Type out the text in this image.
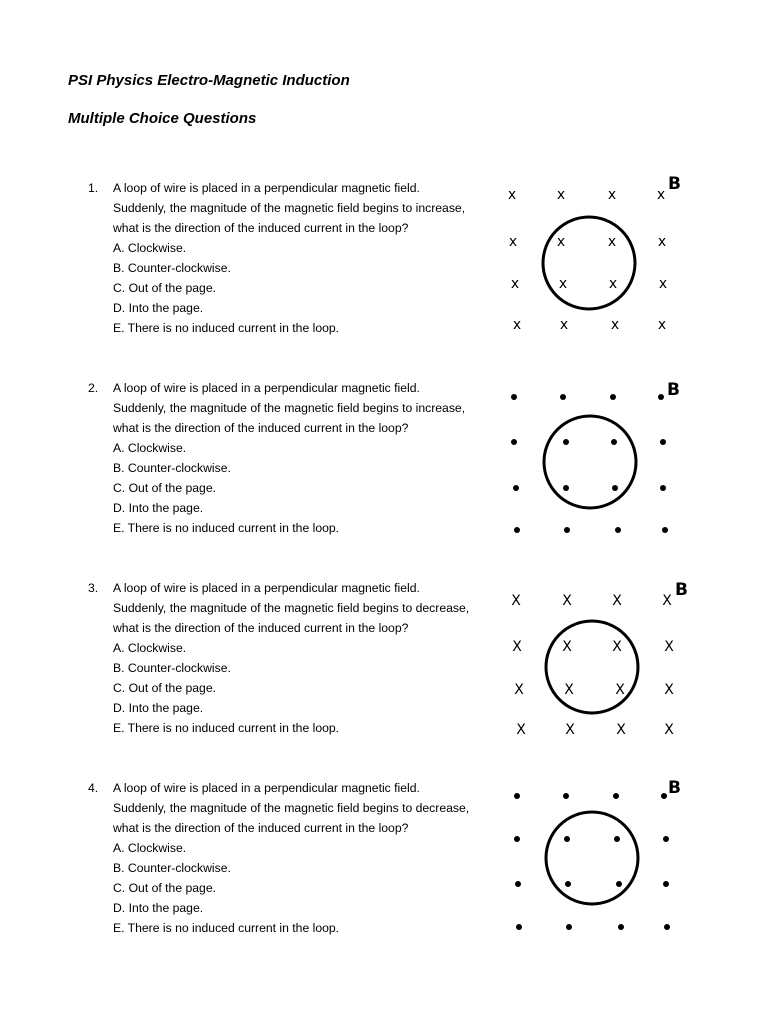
PSI Physics Electro-Magnetic Induction
Multiple Choice Questions
1. A loop of wire is placed in a perpendicular magnetic field.
Suddenly, the magnitude of the magnetic field begins to increase,
what is the direction of the induced current in the loop?
A. Clockwise.
B. Counter-clockwise.
C. Out of the page.
D. Into the page.
E. There is no induced current in the loop.
x	x	x	x
x	x	x	x
x	x	x	x
x	x	x	x
B
2. A loop of wire is placed in a perpendicular magnetic field.
Suddenly, the magnitude of the magnetic field begins to increase,
what is the direction of the induced current in the loop?
A. Clockwise.
B. Counter-clockwise.
C. Out of the page.
D. Into the page.
E. There is no induced current in the loop.
B
3. A loop of wire is placed in a perpendicular magnetic field.
Suddenly, the magnitude of the magnetic field begins to decrease,
what is the direction of the induced current in the loop?
A. Clockwise.
B. Counter-clockwise.
C. Out of the page.
D. Into the page.
E. There is no induced current in the loop.
X	X	X	X
X	X	X	X
X	X	X	X
X	X	X	X
B
4. A loop of wire is placed in a perpendicular magnetic field.
Suddenly, the magnitude of the magnetic field begins to decrease,
what is the direction of the induced current in the loop?
A. Clockwise.
B. Counter-clockwise.
C. Out of the page.
D. Into the page.
E. There is no induced current in the loop.
B
